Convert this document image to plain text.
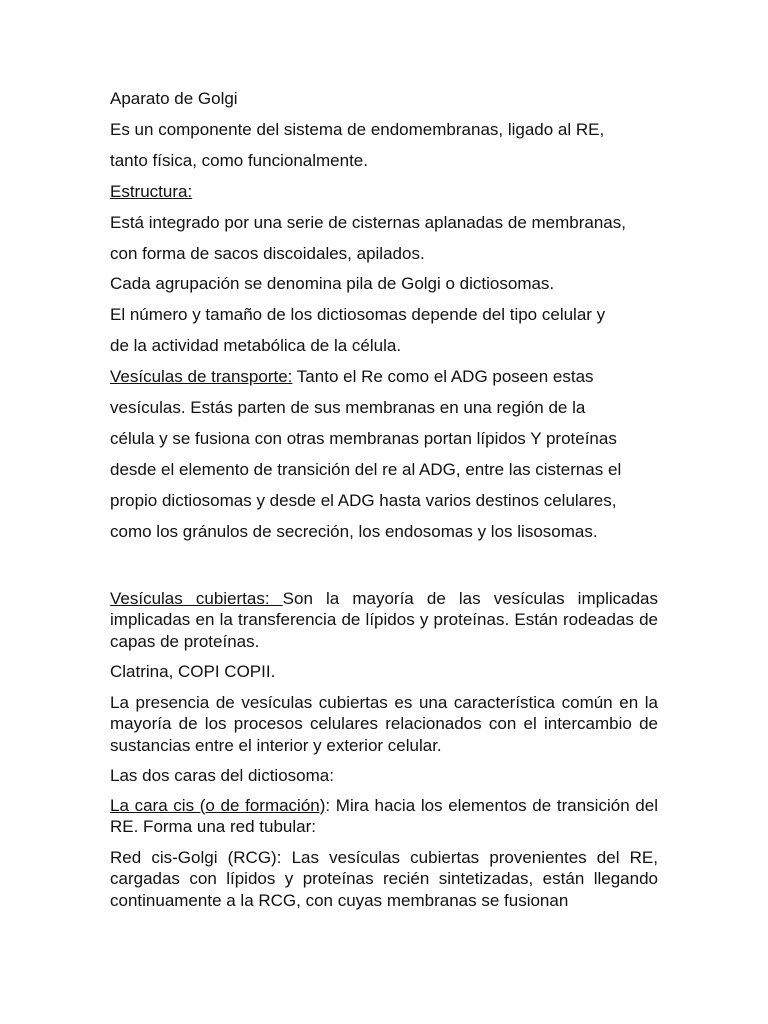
Aparato de Golgi

Es un componente del sistema de endomembranas, ligado al RE,

tanto física, como funcionalmente.

Estructura:

Está integrado por una serie de cisternas aplanadas de membranas,

con forma de sacos discoidales, apilados.

Cada agrupación se denomina pila de Golgi o dictiosomas.

El número y tamaño de los dictiosomas depende del tipo celular y

de la actividad metabólica de la célula.

Vesículas de transporte: Tanto el Re como el ADG poseen estas

vesículas. Estás parten de sus membranas en una región de la

célula y se fusiona con otras membranas portan lípidos Y proteínas

desde el elemento de transición del re al ADG, entre las cisternas el

propio dictiosomas y desde el ADG hasta varios destinos celulares,

como los gránulos de secreción, los endosomas y los lisosomas.

Vesículas cubiertas: Son la mayoría de las vesículas implicadas implicadas en la transferencia de lípidos y proteínas. Están rodeadas de capas de proteínas.

Clatrina, COPI COPII.

La presencia de vesículas cubiertas es una característica común en la mayoría de los procesos celulares relacionados con el intercambio de sustancias entre el interior y exterior celular.

Las dos caras del dictiosoma:

La cara cis (o de formación): Mira hacia los elementos de transición del RE. Forma una red tubular:

Red cis-Golgi (RCG): Las vesículas cubiertas provenientes del RE, cargadas con lípidos y proteínas recién sintetizadas, están llegando continuamente a la RCG, con cuyas membranas se fusionan
